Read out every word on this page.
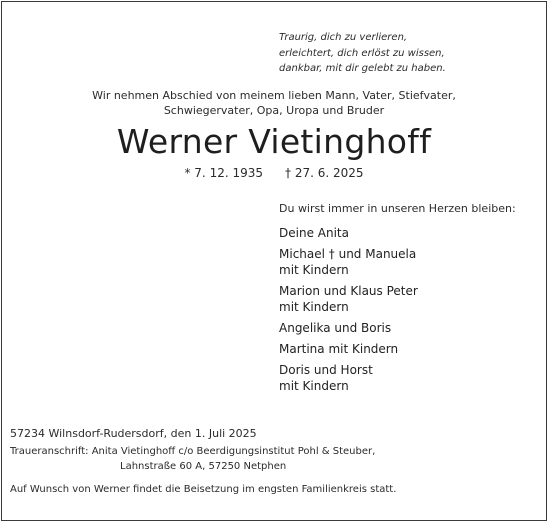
Traurig, dich zu verlieren,
erleichtert, dich erlöst zu wissen,
dankbar, mit dir gelebt zu haben.
Wir nehmen Abschied von meinem lieben Mann, Vater, Stiefvater,
Schwiegervater, Opa, Uropa und Bruder
Werner Vietinghoff
* 7. 12. 1935 † 27. 6. 2025
Du wirst immer in unseren Herzen bleiben:
Deine Anita
Michael † und Manuela
mit Kindern
Marion und Klaus Peter
mit Kindern
Angelika und Boris
Martina mit Kindern
Doris und Horst
mit Kindern
57234 Wilnsdorf-Rudersdorf, den 1. Juli 2025
Traueranschrift: Anita Vietinghoff c/o Beerdigungsinstitut Pohl & Steuber,
Lahnstraße 60 A, 57250 Netphen
Auf Wunsch von Werner findet die Beisetzung im engsten Familienkreis statt.
